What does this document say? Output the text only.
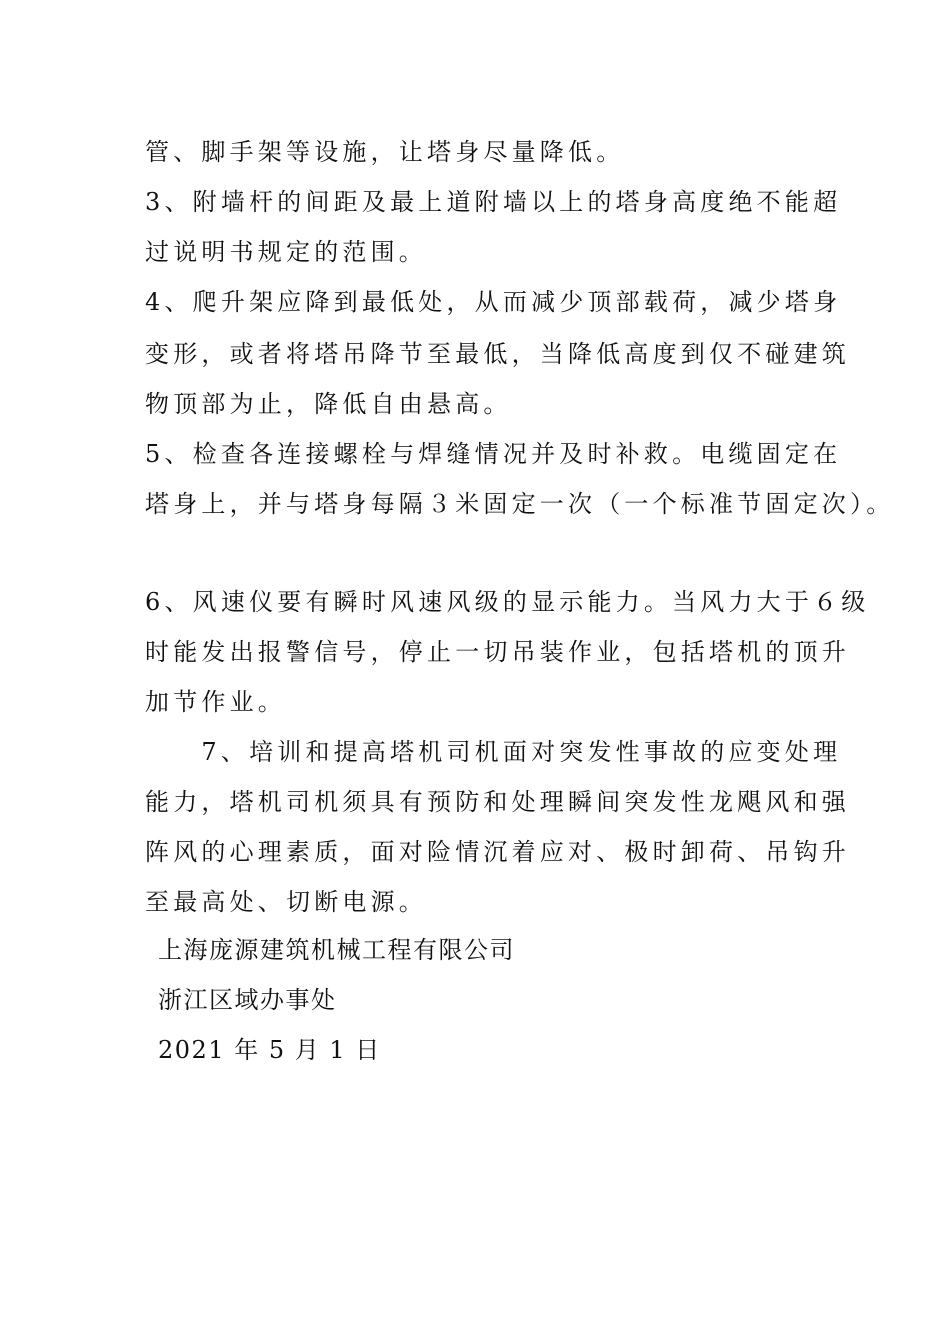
管、脚手架等设施，让塔身尽量降低。
3、附墙杆的间距及最上道附墙以上的塔身高度绝不能超
过说明书规定的范围。
4、爬升架应降到最低处，从而减少顶部载荷，减少塔身
变形，或者将塔吊降节至最低，当降低高度到仅不碰建筑
物顶部为止，降低自由悬高。
5、检查各连接螺栓与焊缝情况并及时补救。电缆固定在
塔身上，并与塔身每隔３米固定一次（一个标准节固定次）。
6、风速仪要有瞬时风速风级的显示能力。当风力大于６级
时能发出报警信号，停止一切吊装作业，包括塔机的顶升
加节作业。
　　7、培训和提高塔机司机面对突发性事故的应变处理
能力，塔机司机须具有预防和处理瞬间突发性龙飓风和强
阵风的心理素质，面对险情沉着应对、极时卸荷、吊钩升
至最高处、切断电源。
上海庞源建筑机械工程有限公司
浙江区域办事处
2021 年 5 月 1 日
